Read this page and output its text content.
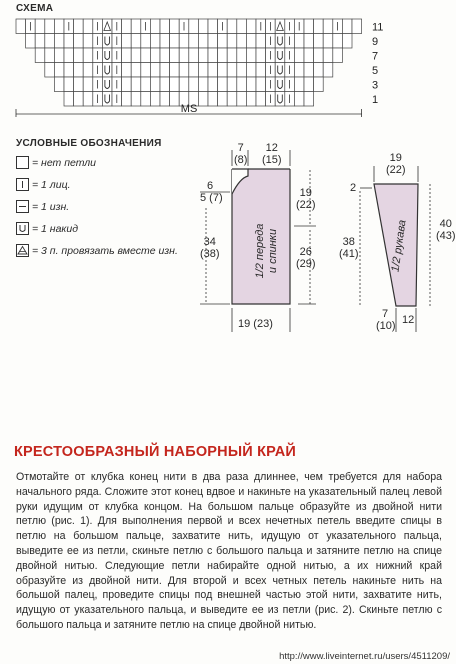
СХЕМА
11
9
7
5
3
1
MS
УСЛОВНЫЕ ОБОЗНАЧЕНИЯ
= нет петли
= 1 лиц.
= 1 изн.
= 1 накид
= 3 п. провязать вместе изн.
7
(8)
12
(15)
6
5 (7)	19
(22)
34
(38)	26
(29)
19 (23)
1/2 переда и спинки
19
(22)
2
38
(41)
40
(43)
7
(10) 12
1/2 рукава
КРЕСТООБРАЗНЫЙ НАБОРНЫЙ КРАЙ
Отмотайте от клубка конец нити в два раза длиннее, чем требуется для набора начального ряда. Сложите этот конец вдвое и накиньте на указательный палец левой руки идущим от клубка концом. На большом пальце образуйте из двойной нити петлю (рис. 1). Для выполнения первой и всех нечетных петель введите спицы в петлю на большом пальце, захватите нить, идущую от указательного пальца, выведите ее из петли, скиньте петлю с большого пальца и затяните петлю на спице двойной нитью. Следующие петли набирайте одной нитью, а их нижний край образуйте из двойной нити. Для второй и всех четных петель накиньте нить на большой палец, проведите спицы под внешней частью этой нити, захватите нить, идущую от указательного пальца, и выведите ее из петли (рис. 2). Скиньте петлю с большого пальца и затяните петлю на спице двойной нитью.
http://www.liveinternet.ru/users/4511209/
